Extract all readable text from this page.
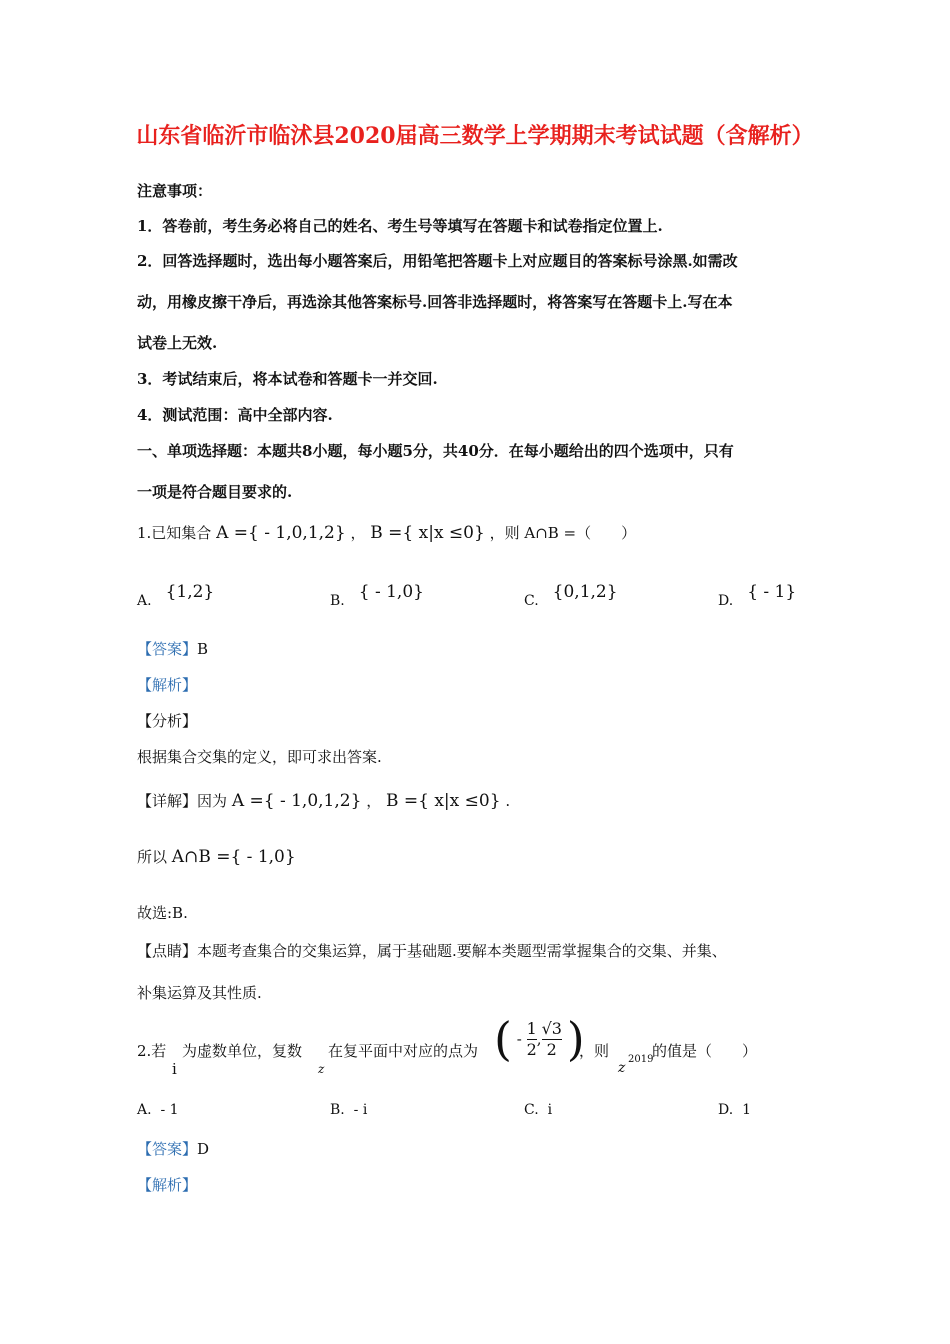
山东省临沂市临沭县2020届高三数学上学期期末考试试题（含解析）
注意事项：
1．答卷前，考生务必将自己的姓名、考生号等填写在答题卡和试卷指定位置上.
2．回答选择题时，选出每小题答案后，用铅笔把答题卡上对应题目的答案标号涂黑.如需改
动，用橡皮擦干净后，再选涂其他答案标号.回答非选择题时，将答案写在答题卡上.写在本
试卷上无效.
3．考试结束后，将本试卷和答题卡一并交回.
4．测试范围：高中全部内容.
一、单项选择题：本题共8小题，每小题5分，共40分．在每小题给出的四个选项中，只有
一项是符合题目要求的.
1.已知集合 A ={ - 1,0,1,2} ， B ={ x|x ≤0} ，则 A∩B =（　　）
A. {1,2}	B. { - 1,0}	C. {0,1,2}	D. { - 1}
【答案】B
【解析】
【分析】
根据集合交集的定义，即可求出答案.
【详解】因为 A ={ - 1,0,1,2} ， B ={ x|x ≤0} .
所以 A∩B ={ - 1,0}
故选:B.
【点睛】本题考查集合的交集运算，属于基础题.要解本类题型需掌握集合的交集、并集、
补集运算及其性质.
2.若
i
为虚数单位，复数
z
在复平面中对应的点为 ( - $\frac{1}{2}$ , $\frac{√3}{2}$ )
，则
z
2019
的值是（　　）
A. - 1	B. - i	C. i	D. 1
【答案】D
【解析】
